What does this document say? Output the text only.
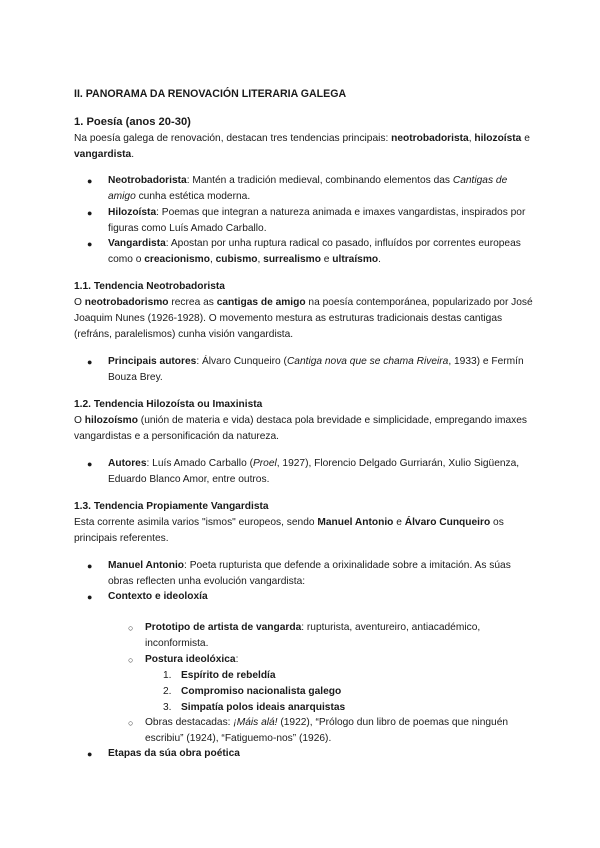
II. PANORAMA DA RENOVACIÓN LITERARIA GALEGA
1. Poesía (anos 20-30)
Na poesía galega de renovación, destacan tres tendencias principais: neotrobadorista, hilozoísta e vangardista.
● Neotrobadorista: Mantén a tradición medieval, combinando elementos das Cantigas de amigo cunha estética moderna.
● Hilozoísta: Poemas que integran a natureza animada e imaxes vangardistas, inspirados por figuras como Luís Amado Carballo.
● Vangardista: Apostan por unha ruptura radical co pasado, influídos por correntes europeas como o creacionismo, cubismo, surrealismo e ultraísmo.
1.1. Tendencia Neotrobadorista
O neotrobadorismo recrea as cantigas de amigo na poesía contemporánea, popularizado por José Joaquim Nunes (1926-1928). O movemento mestura as estruturas tradicionais destas cantigas (refráns, paralelismos) cunha visión vangardista.
● Principais autores: Álvaro Cunqueiro (Cantiga nova que se chama Riveira, 1933) e Fermín Bouza Brey.
1.2. Tendencia Hilozoísta ou Imaxinista
O hilozoísmo (unión de materia e vida) destaca pola brevidade e simplicidade, empregando imaxes vangardistas e a personificación da natureza.
● Autores: Luís Amado Carballo (Proel, 1927), Florencio Delgado Gurriarán, Xulio Sigüenza, Eduardo Blanco Amor, entre outros.
1.3. Tendencia Propiamente Vangardista
Esta corrente asimila varios "ismos" europeos, sendo Manuel Antonio e Álvaro Cunqueiro os principais referentes.
● Manuel Antonio: Poeta rupturista que defende a orixinalidade sobre a imitación. As súas obras reflecten unha evolución vangardista:
● Contexto e ideoloxía
○ Prototipo de artista de vangarda: rupturista, aventureiro, antiacadémico, inconformista.
○ Postura ideolóxica:
1. Espírito de rebeldía
2. Compromiso nacionalista galego
3. Simpatía polos ideais anarquistas
○ Obras destacadas: ¡Máis alá! (1922), “Prólogo dun libro de poemas que ninguén escribiu” (1924), “Fatiguemo-nos” (1926).
● Etapas da súa obra poética
